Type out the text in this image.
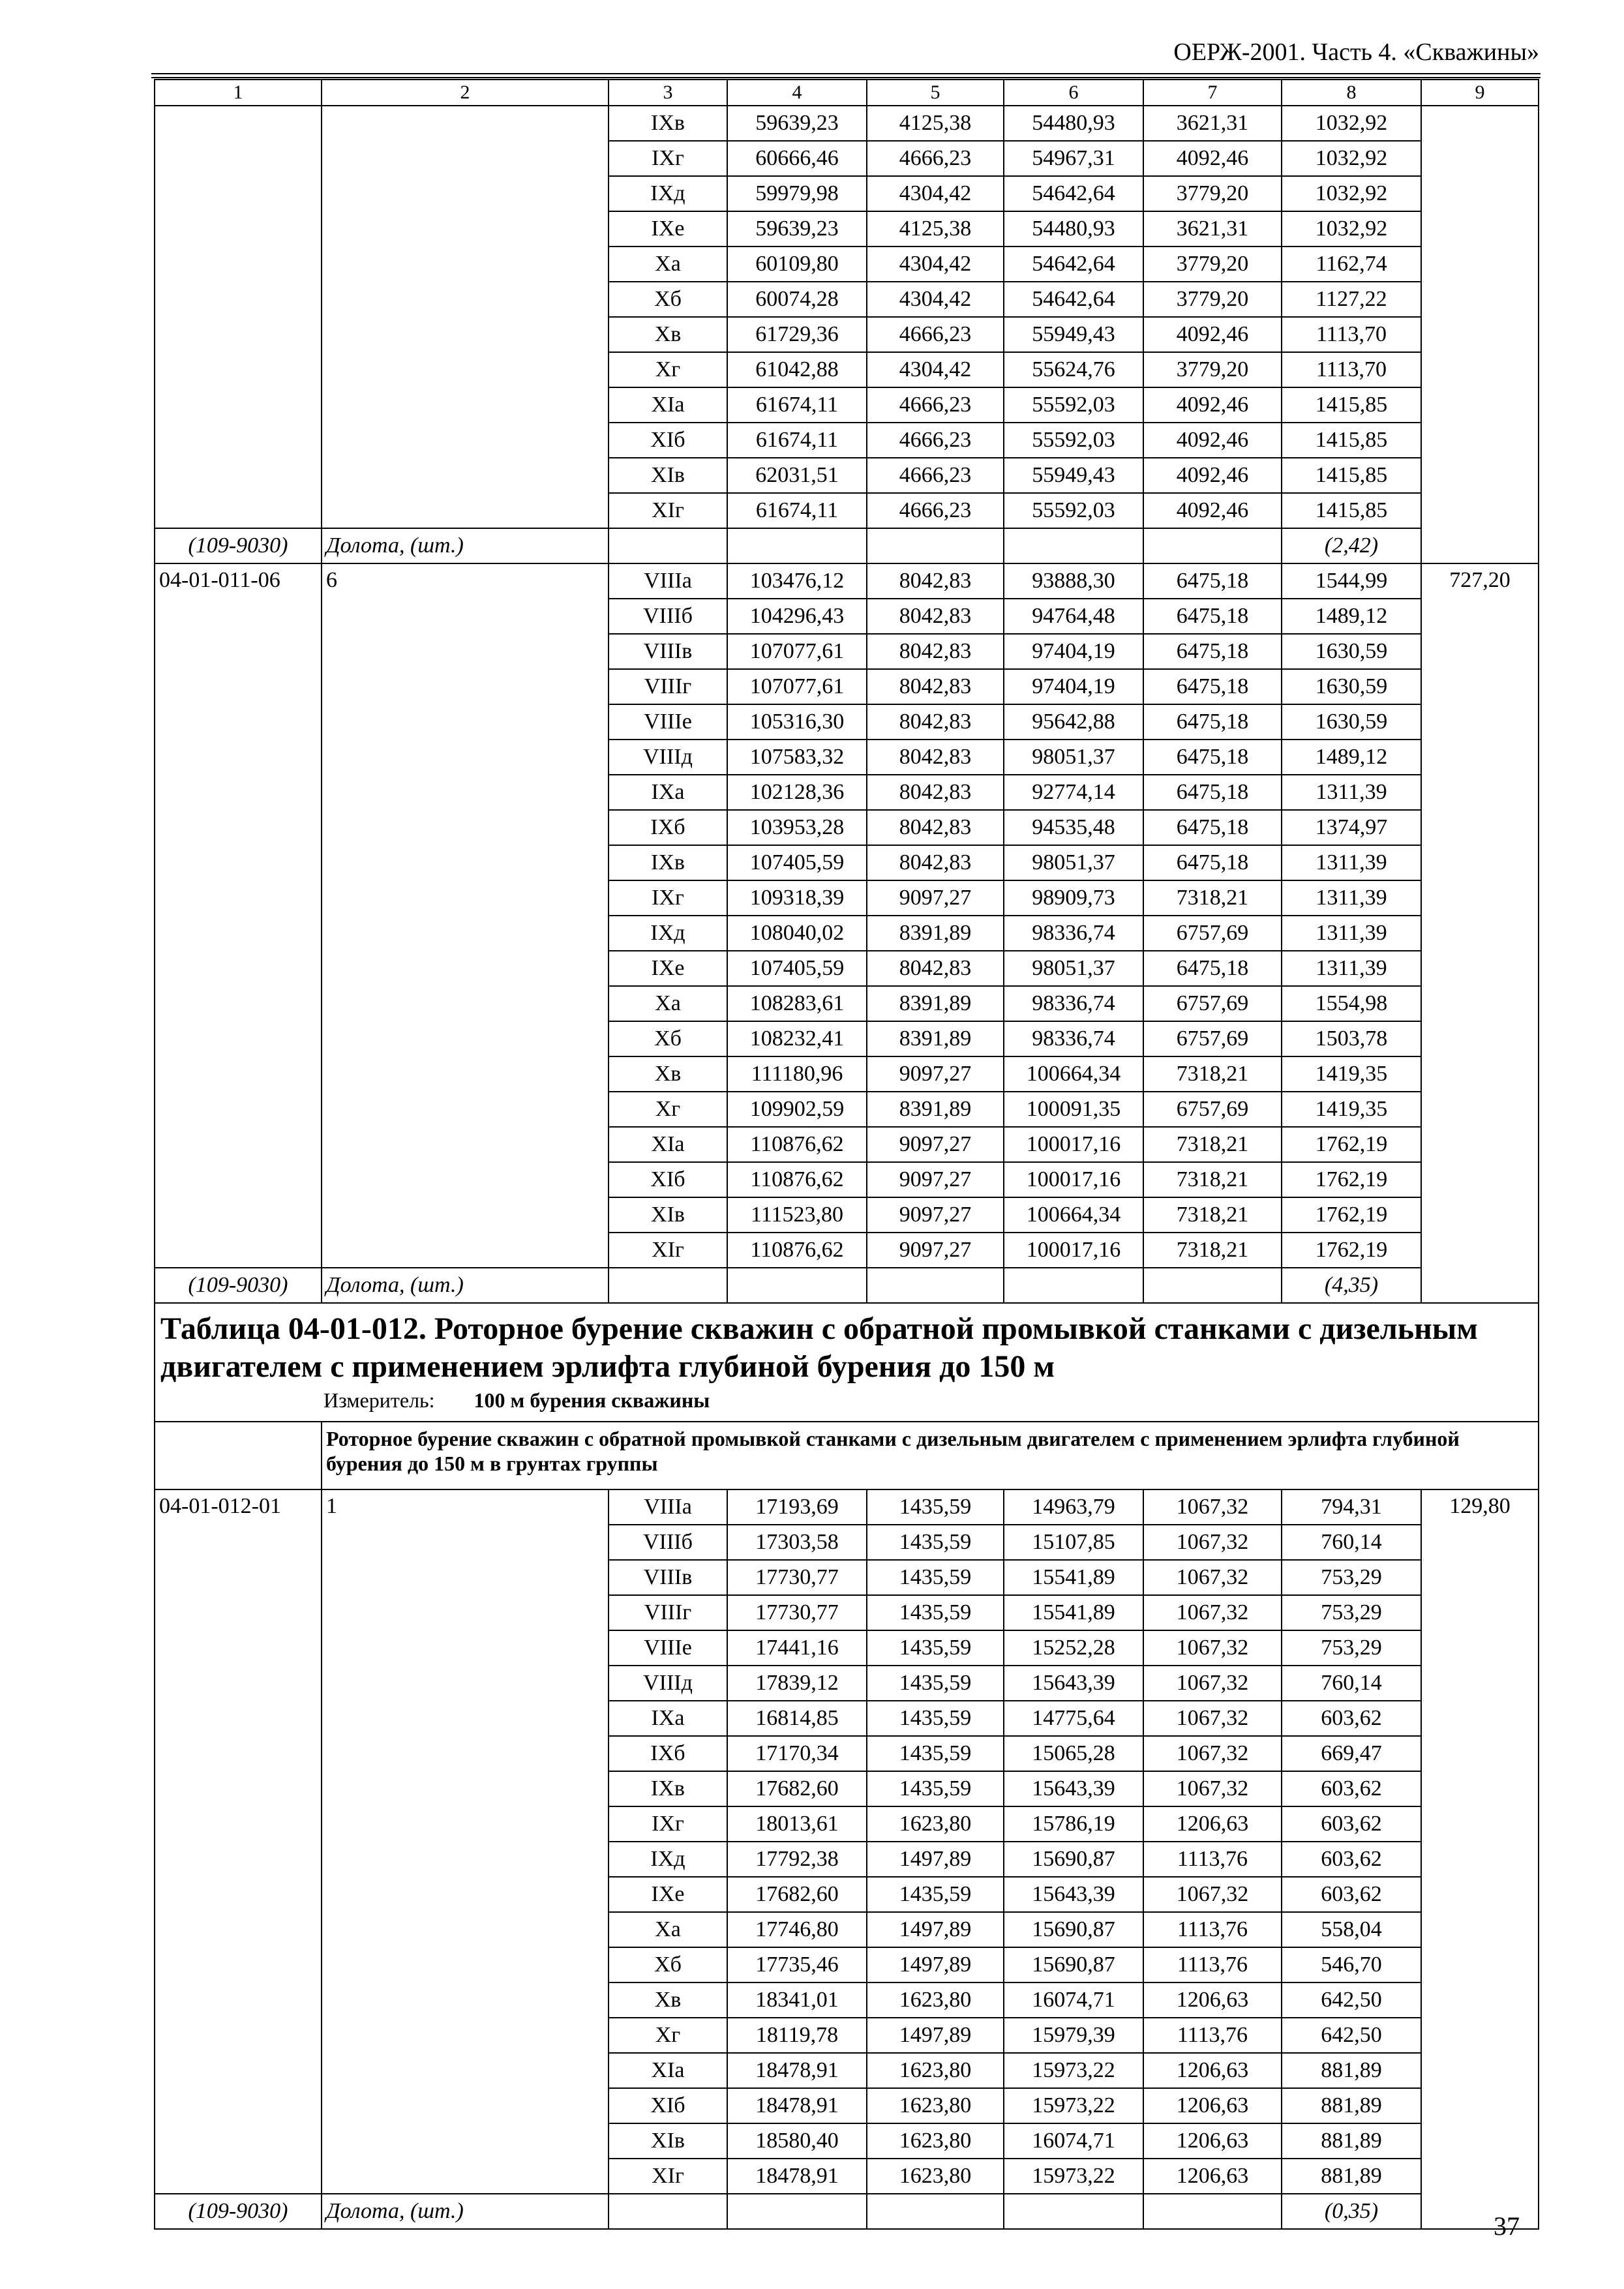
ОЕРЖ-2001. Часть 4. «Скважины»
1	2	3	4	5	6	7	8	9
		IXв	59639,23	4125,38	54480,93	3621,31	1032,92	
		IXг	60666,46	4666,23	54967,31	4092,46	1032,92	
		IXд	59979,98	4304,42	54642,64	3779,20	1032,92	
		IXе	59639,23	4125,38	54480,93	3621,31	1032,92	
		Xа	60109,80	4304,42	54642,64	3779,20	1162,74	
		Xб	60074,28	4304,42	54642,64	3779,20	1127,22	
		Xв	61729,36	4666,23	55949,43	4092,46	1113,70	
		Xг	61042,88	4304,42	55624,76	3779,20	1113,70	
		XIа	61674,11	4666,23	55592,03	4092,46	1415,85	
		XIб	61674,11	4666,23	55592,03	4092,46	1415,85	
		XIв	62031,51	4666,23	55949,43	4092,46	1415,85	
		XIг	61674,11	4666,23	55592,03	4092,46	1415,85	
(109-9030)	Долота, (шт.)						(2,42)	
04-01-011-06	6	VIIIа	103476,12	8042,83	93888,30	6475,18	1544,99	727,20
		VIIIб	104296,43	8042,83	94764,48	6475,18	1489,12	
		VIIIв	107077,61	8042,83	97404,19	6475,18	1630,59	
		VIIIг	107077,61	8042,83	97404,19	6475,18	1630,59	
		VIIIе	105316,30	8042,83	95642,88	6475,18	1630,59	
		VIIIд	107583,32	8042,83	98051,37	6475,18	1489,12	
		IXа	102128,36	8042,83	92774,14	6475,18	1311,39	
		IXб	103953,28	8042,83	94535,48	6475,18	1374,97	
		IXв	107405,59	8042,83	98051,37	6475,18	1311,39	
		IXг	109318,39	9097,27	98909,73	7318,21	1311,39	
		IXд	108040,02	8391,89	98336,74	6757,69	1311,39	
		IXе	107405,59	8042,83	98051,37	6475,18	1311,39	
		Xа	108283,61	8391,89	98336,74	6757,69	1554,98	
		Xб	108232,41	8391,89	98336,74	6757,69	1503,78	
		Xв	111180,96	9097,27	100664,34	7318,21	1419,35	
		Xг	109902,59	8391,89	100091,35	6757,69	1419,35	
		XIа	110876,62	9097,27	100017,16	7318,21	1762,19	
		XIб	110876,62	9097,27	100017,16	7318,21	1762,19	
		XIв	111523,80	9097,27	100664,34	7318,21	1762,19	
		XIг	110876,62	9097,27	100017,16	7318,21	1762,19	
(109-9030)	Долота, (шт.)						(4,35)	

Таблица 04-01-012. Роторное бурение скважин с обратной промывкой станками с дизельным двигателем с применением эрлифта глубиной бурения до 150 м
Измеритель: 100 м бурения скважины								

	Роторное бурение скважин с обратной промывкой станками с дизельным двигателем с применением эрлифта глубиной бурения до 150 м в грунтах группы							
04-01-012-01	1	VIIIа	17193,69	1435,59	14963,79	1067,32	794,31	129,80
		VIIIб	17303,58	1435,59	15107,85	1067,32	760,14	
		VIIIв	17730,77	1435,59	15541,89	1067,32	753,29	
		VIIIг	17730,77	1435,59	15541,89	1067,32	753,29	
		VIIIе	17441,16	1435,59	15252,28	1067,32	753,29	
		VIIIд	17839,12	1435,59	15643,39	1067,32	760,14	
		IXа	16814,85	1435,59	14775,64	1067,32	603,62	
		IXб	17170,34	1435,59	15065,28	1067,32	669,47	
		IXв	17682,60	1435,59	15643,39	1067,32	603,62	
		IXг	18013,61	1623,80	15786,19	1206,63	603,62	
		IXд	17792,38	1497,89	15690,87	1113,76	603,62	
		IXе	17682,60	1435,59	15643,39	1067,32	603,62	
		Xа	17746,80	1497,89	15690,87	1113,76	558,04	
		Xб	17735,46	1497,89	15690,87	1113,76	546,70	
		Xв	18341,01	1623,80	16074,71	1206,63	642,50	
		Xг	18119,78	1497,89	15979,39	1113,76	642,50	
		XIа	18478,91	1623,80	15973,22	1206,63	881,89	
		XIб	18478,91	1623,80	15973,22	1206,63	881,89	
		XIв	18580,40	1623,80	16074,71	1206,63	881,89	
		XIг	18478,91	1623,80	15973,22	1206,63	881,89	
(109-9030)	Долота, (шт.)						(0,35)	
37
